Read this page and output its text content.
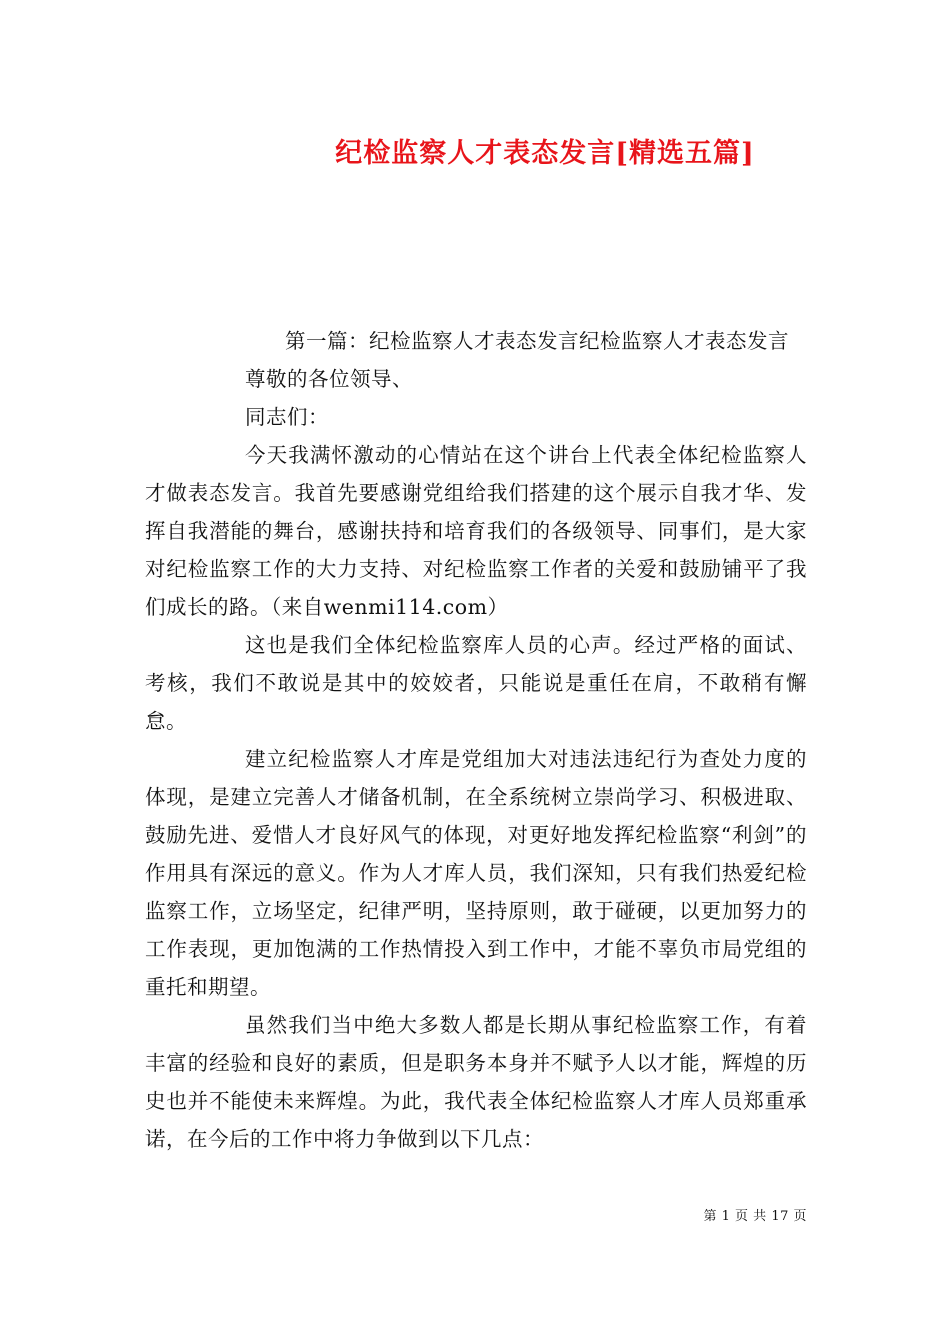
纪检监察人才表态发言[精选五篇]

第一篇：纪检监察人才表态发言纪检监察人才表态发言

尊敬的各位领导、

同志们：

今天我满怀激动的心情站在这个讲台上代表全体纪检监察人才做表态发言。我首先要感谢党组给我们搭建的这个展示自我才华、发挥自我潜能的舞台，感谢扶持和培育我们的各级领导、同事们，是大家对纪检监察工作的大力支持、对纪检监察工作者的关爱和鼓励铺平了我们成长的路。（来自wenmi114.com）

这也是我们全体纪检监察库人员的心声。经过严格的面试、考核，我们不敢说是其中的姣姣者，只能说是重任在肩，不敢稍有懈怠。

建立纪检监察人才库是党组加大对违法违纪行为查处力度的体现，是建立完善人才储备机制，在全系统树立崇尚学习、积极进取、鼓励先进、爱惜人才良好风气的体现，对更好地发挥纪检监察“利剑”的作用具有深远的意义。作为人才库人员，我们深知，只有我们热爱纪检监察工作，立场坚定，纪律严明，坚持原则，敢于碰硬，以更加努力的工作表现，更加饱满的工作热情投入到工作中，才能不辜负市局党组的重托和期望。

虽然我们当中绝大多数人都是长期从事纪检监察工作，有着丰富的经验和良好的素质，但是职务本身并不赋予人以才能，辉煌的历史也并不能使未来辉煌。为此，我代表全体纪检监察人才库人员郑重承诺，在今后的工作中将力争做到以下几点：

第 1 页 共 17 页
